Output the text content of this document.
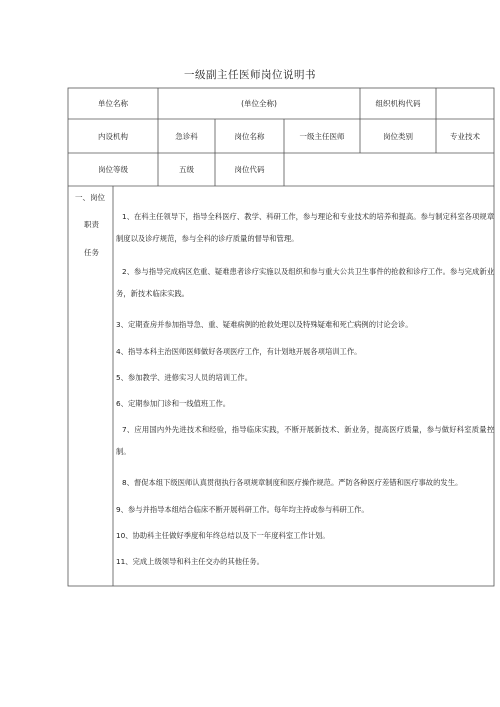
一级副主任医师岗位说明书
单位名称	(单位全称)	组织机构代码
内设机构	急诊科	岗位名称	一级主任医师	岗位类别	专业技术
岗位等级	五级	岗位代码
一、岗位
职责
任务
1、在科主任领导下，指导全科医疗、教学、科研工作，参与理论和专业技术的培养和提高。参与制定科室各项规章制度以及诊疗规范，参与全科的诊疗质量的督导和管理。
2、参与指导完成病区危重、疑难患者诊疗实施以及组织和参与重大公共卫生事件的抢救和诊疗工作。参与完成新业务，新技术临床实践。
3、定期查房并参加指导急、重、疑难病例的抢救处理以及特殊疑难和死亡病例的讨论会诊。
4、指导本科主治医师医师做好各项医疗工作，有计划地开展各项培训工作。
5、参加教学、进修实习人员的培训工作。
6、定期参加门诊和一线值班工作。
7、应用国内外先进技术和经验，指导临床实践，不断开展新技术、新业务，提高医疗质量，参与做好科室质量控制。
8、督促本组下级医师认真贯彻执行各项规章制度和医疗操作规范。严防各种医疗差错和医疗事故的发生。
9、参与并指导本组结合临床不断开展科研工作。每年均主持或参与科研工作。
10、协助科主任做好季度和年终总结以及下一年度科室工作计划。
11、完成上级领导和科主任交办的其他任务。
